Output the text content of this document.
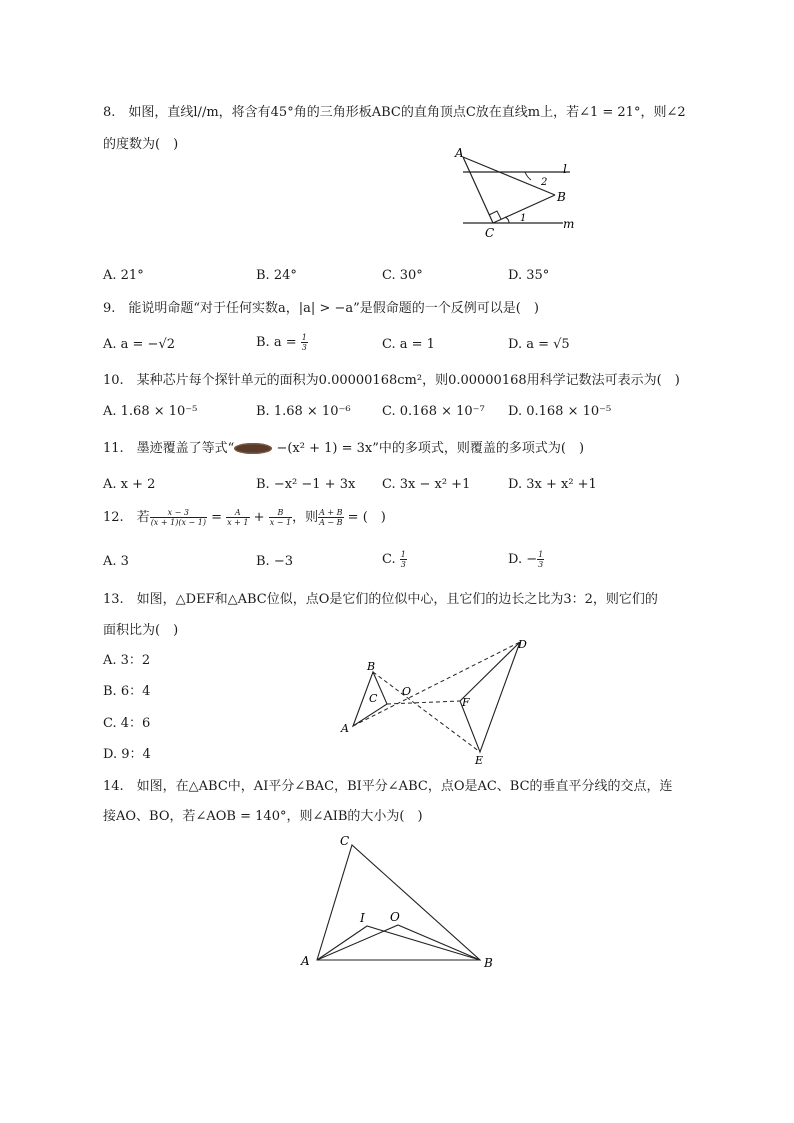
8.　如图，直线l//m，将含有45°角的三角形板ABC的直角顶点C放在直线m上，若∠1 = 21°，则∠2
的度数为(　)
A
B
C
l
m
1
2
A. 21°	B. 24°	C. 30°	D. 35°
9.　能说明命题“对于任何实数a，|a| > −a”是假命题的一个反例可以是(　)
A. a = −√2	B. $a = \frac{1}{3}$	C. a = 1	D. a = √5
10.　某种芯片每个探针单元的面积为0.00000168cm²，则0.00000168用科学记数法可表示为(　)
A. 1.68 × 10⁻⁵	B. 1.68 × 10⁻⁶ C. 0.168 × 10⁻⁷ D. 0.168 × 10⁻⁵
11.　墨迹覆盖了等式“	−(x² + 1) = 3x”中的多项式，则覆盖的多项式为(　)
A. x + 2	B. −x² −1 + 3x C. 3x − x² +1	D. 3x + x² +1
12.　若 $\frac{x - 3}{(x + 1)(x - 1)} = \frac{A}{x + 1} + \frac{B}{x - 1}$ ，则 $\frac{A + B}{A - B}$ = (　)
A. 3	B. −3	C. $\frac{1}{3}$	D. − $\frac{1}{3}$
13.　如图，△DEF和△ABC位似，点O是它们的位似中心，且它们的边长之比为3：2，则它们的
面积比为(　)
A. 3：2
B. 6：4
C. 4：6
D. 9：4
A
B
C
O
D
E
F
14.　如图，在△ABC中，AI平分∠BAC，BI平分∠ABC，点O是AC、BC的垂直平分线的交点，连
接AO、BO，若∠AOB = 140°，则∠AIB的大小为(　)
A	B
C
I O
